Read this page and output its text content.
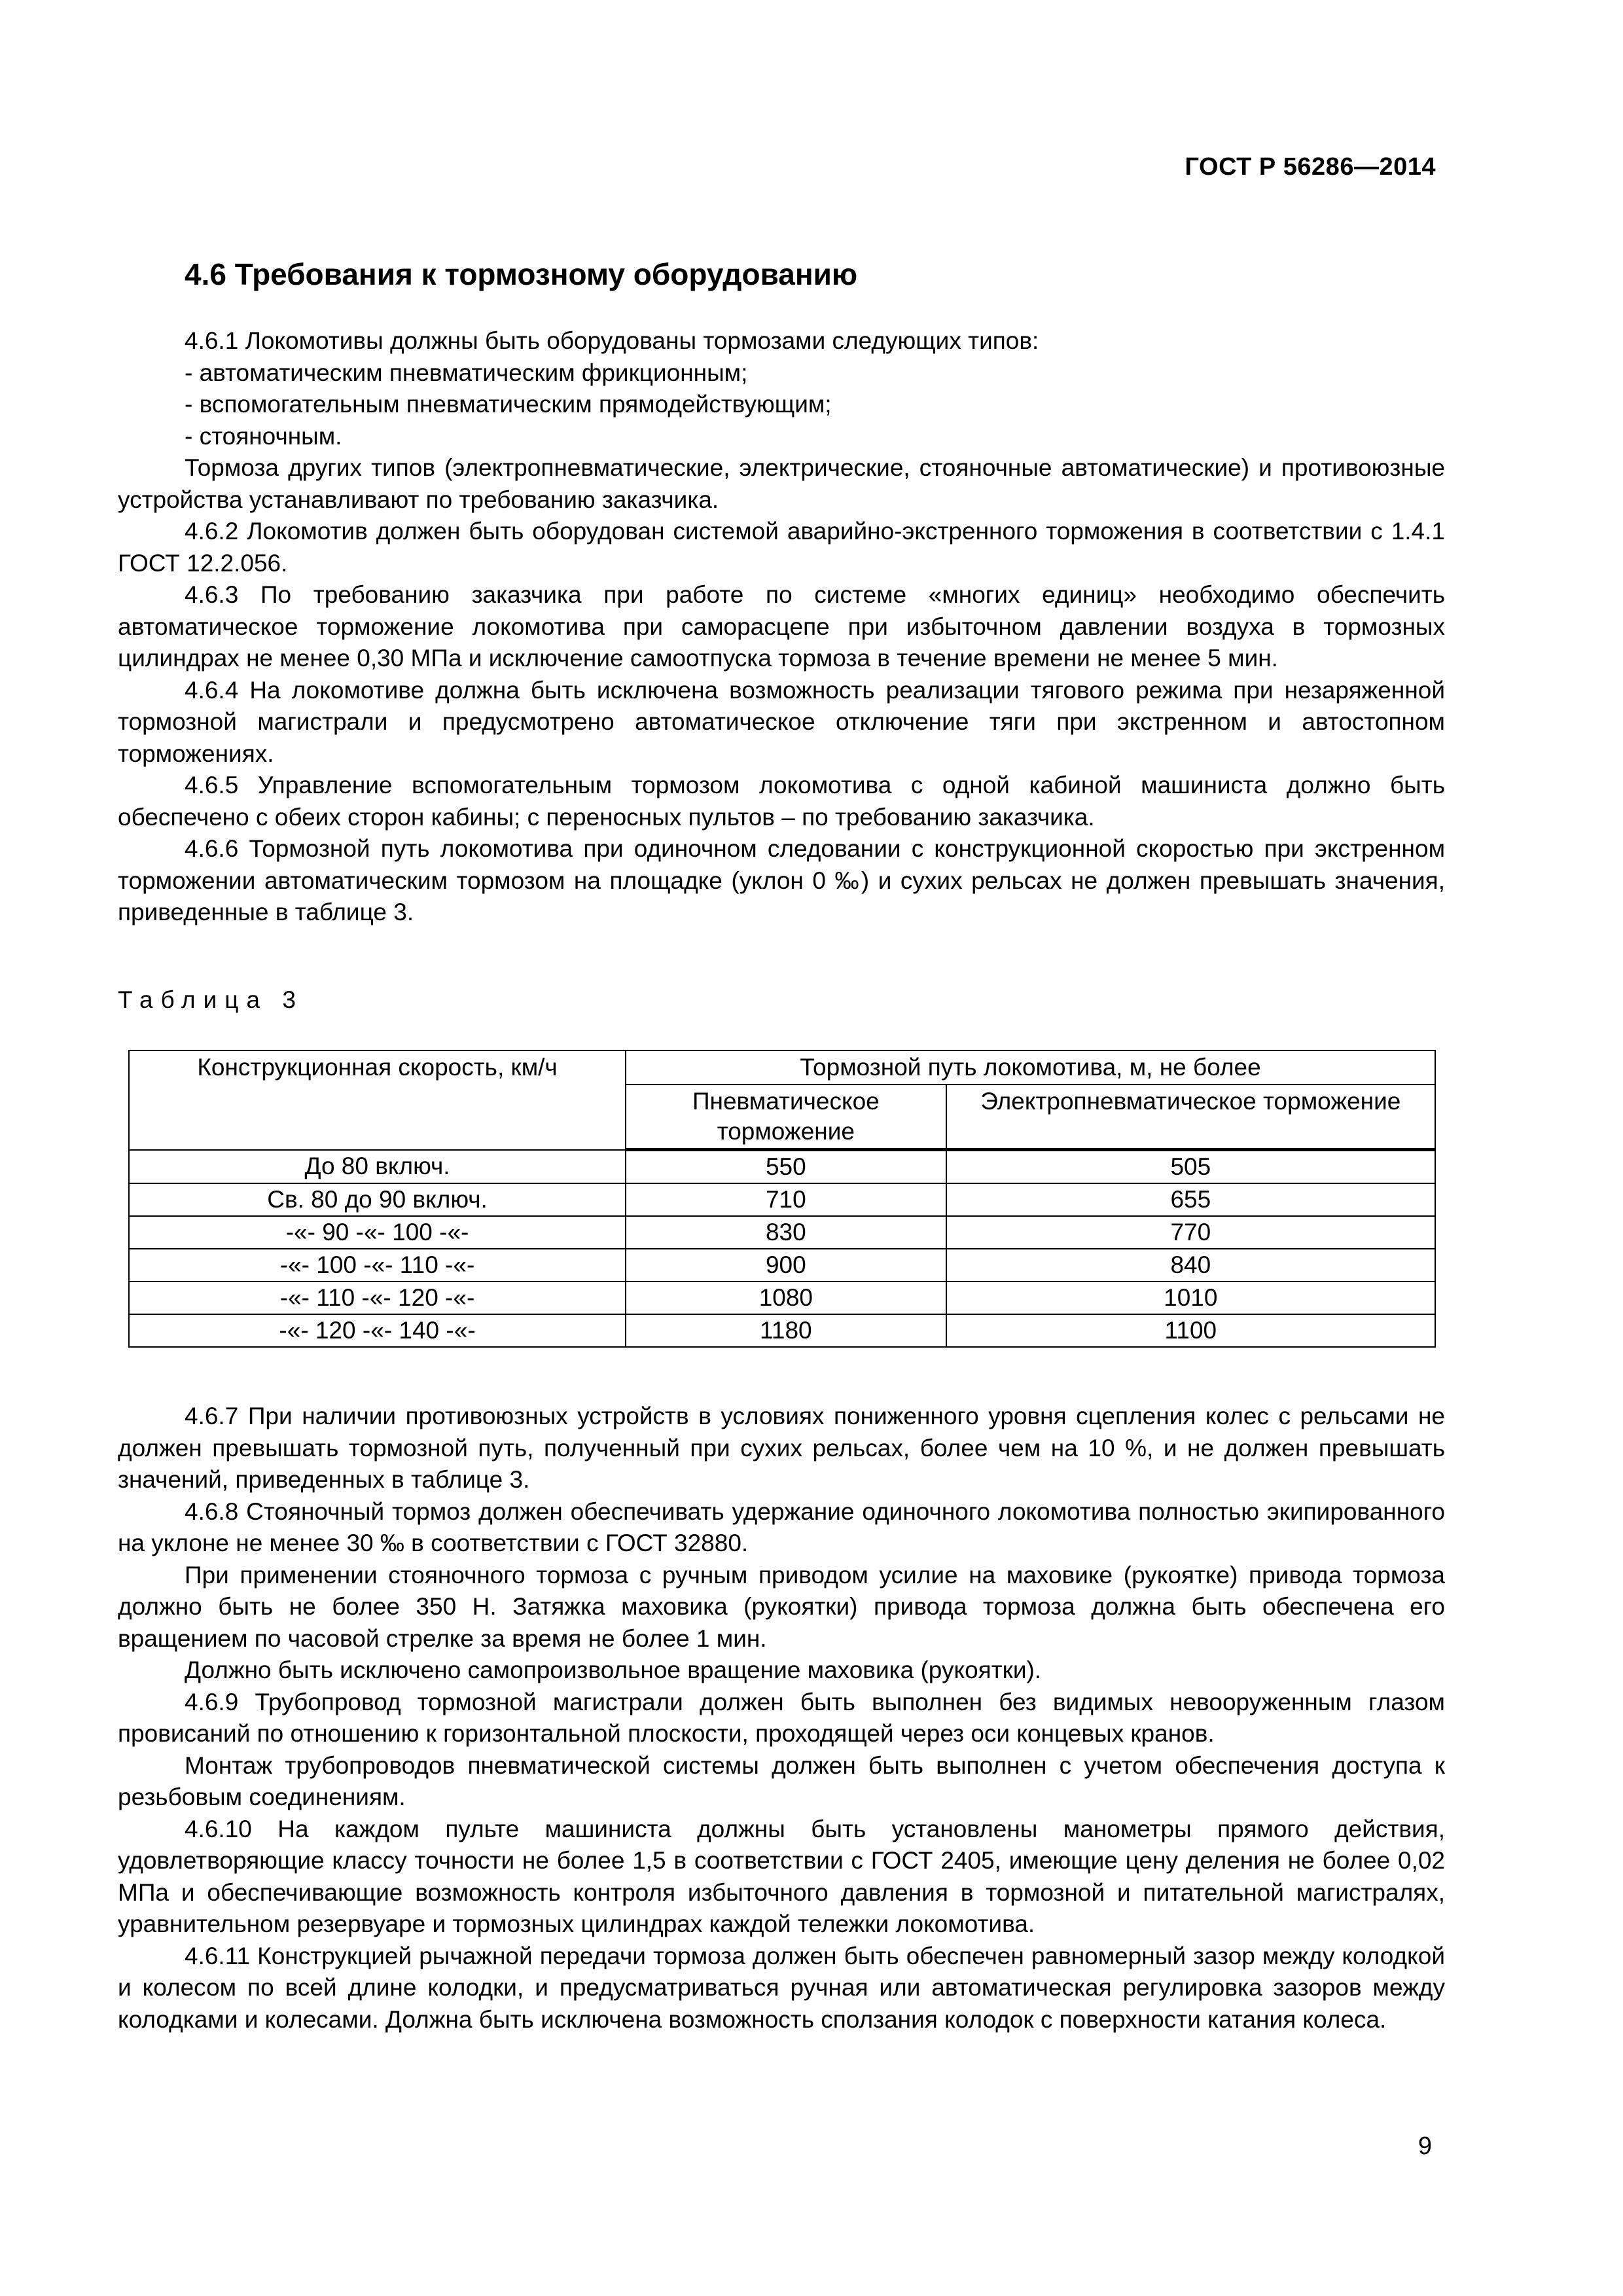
ГОСТ Р 56286—2014
4.6 Требования к тормозному оборудованию

4.6.1 Локомотивы должны быть оборудованы тормозами следующих типов:

- автоматическим пневматическим фрикционным;

- вспомогательным пневматическим прямодействующим;

- стояночным.

Тормоза других типов (электропневматические, электрические, стояночные автоматические) и противоюзные устройства устанавливают по требованию заказчика.

4.6.2 Локомотив должен быть оборудован системой аварийно-экстренного торможения в соответствии с 1.4.1 ГОСТ 12.2.056.

4.6.3 По требованию заказчика при работе по системе «многих единиц» необходимо обеспечить автоматическое торможение локомотива при саморасцепе при избыточном давлении воздуха в тормозных цилиндрах не менее 0,30 МПа и исключение самоотпуска тормоза в течение времени не менее 5 мин.

4.6.4 На локомотиве должна быть исключена возможность реализации тягового режима при незаряженной тормозной магистрали и предусмотрено автоматическое отключение тяги при экстренном и автостопном торможениях.

4.6.5 Управление вспомогательным тормозом локомотива с одной кабиной машиниста должно быть обеспечено с обеих сторон кабины; с переносных пультов – по требованию заказчика.

4.6.6 Тормозной путь локомотива при одиночном следовании с конструкционной скоростью при экстренном торможении автоматическим тормозом на площадке (уклон 0 ‰) и сухих рельсах не должен превышать значения, приведенные в таблице 3.

Таблица 3
Конструкционная скорость, км/ч	Тормозной путь локомотива, м, не более	
	Пневматическое торможение	Электропневматическое торможение
До 80 включ.	550	505
Св. 80 до 90 включ.	710	655
-«- 90 -«- 100 -«-	830	770
-«- 100 -«- 110 -«-	900	840
-«- 110 -«- 120 -«-	1080	1010
-«- 120 -«- 140 -«-	1180	1100

4.6.7 При наличии противоюзных устройств в условиях пониженного уровня сцепления колес с рельсами не должен превышать тормозной путь, полученный при сухих рельсах, более чем на 10 %, и не должен превышать значений, приведенных в таблице 3.

4.6.8 Стояночный тормоз должен обеспечивать удержание одиночного локомотива полностью экипированного на уклоне не менее 30 ‰ в соответствии с ГОСТ 32880.

При применении стояночного тормоза с ручным приводом усилие на маховике (рукоятке) привода тормоза должно быть не более 350 Н. Затяжка маховика (рукоятки) привода тормоза должна быть обеспечена его вращением по часовой стрелке за время не более 1 мин.

Должно быть исключено самопроизвольное вращение маховика (рукоятки).

4.6.9 Трубопровод тормозной магистрали должен быть выполнен без видимых невооруженным глазом провисаний по отношению к горизонтальной плоскости, проходящей через оси концевых кранов.

Монтаж трубопроводов пневматической системы должен быть выполнен с учетом обеспечения доступа к резьбовым соединениям.

4.6.10 На каждом пульте машиниста должны быть установлены манометры прямого действия, удовлетворяющие классу точности не более 1,5 в соответствии с ГОСТ 2405, имеющие цену деления не более 0,02 МПа и обеспечивающие возможность контроля избыточного давления в тормозной и питательной магистралях, уравнительном резервуаре и тормозных цилиндрах каждой тележки локомотива.

4.6.11 Конструкцией рычажной передачи тормоза должен быть обеспечен равномерный зазор между колодкой и колесом по всей длине колодки, и предусматриваться ручная или автоматическая регулировка зазоров между колодками и колесами. Должна быть исключена возможность сползания колодок с поверхности катания колеса.

9
